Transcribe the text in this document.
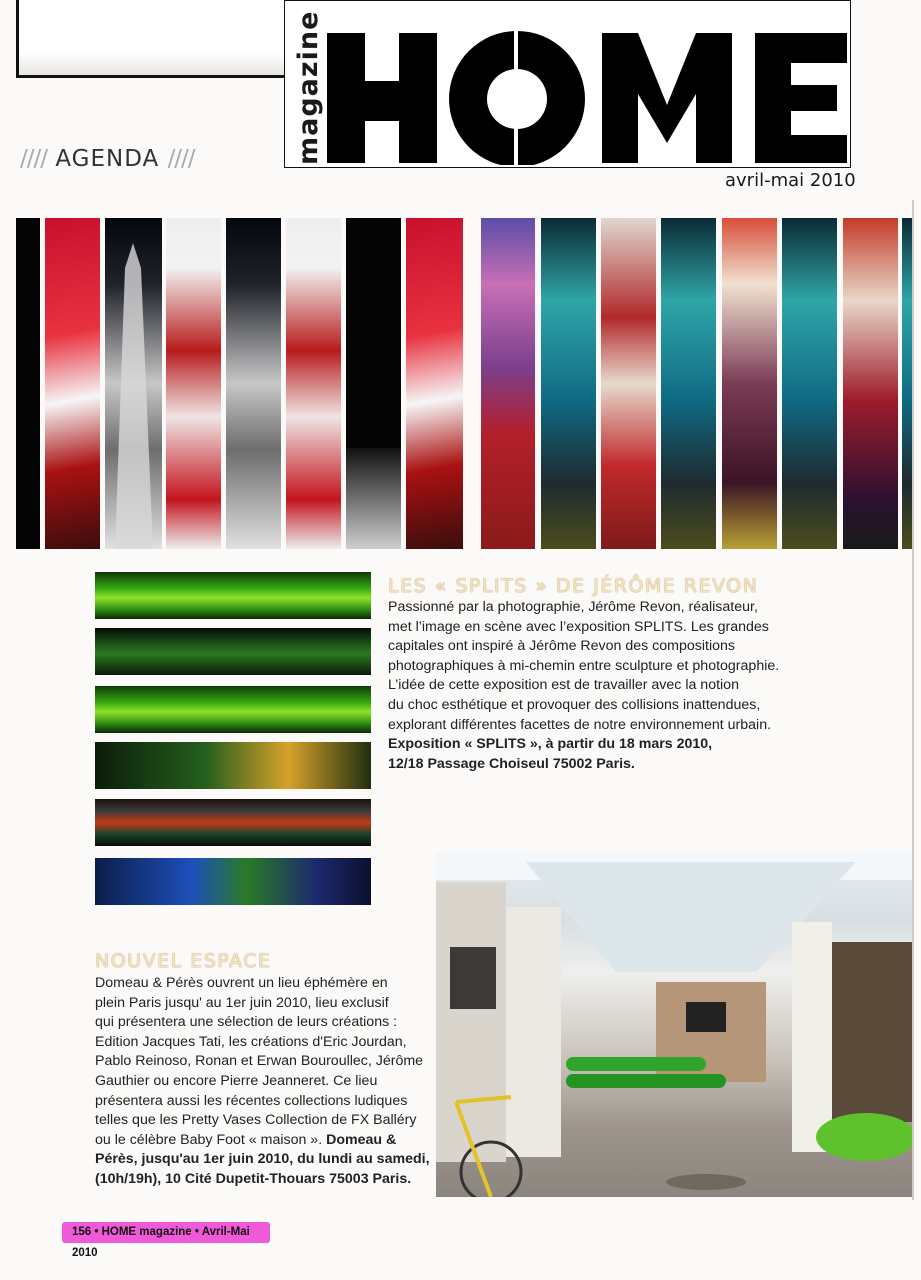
//// AGENDA ////	magazine
avril-mai 2010
LES « SPLITS » DE JÉRÔME REVON

Passionné par la photographie, Jérôme Revon, réalisateur,

met l’image en scène avec l’exposition SPLITS. Les grandes

capitales ont inspiré à Jérôme Revon des compositions

photographiques à mi-chemin entre sculpture et photographie.

L’idée de cette exposition est de travailler avec la notion

du choc esthétique et provoquer des collisions inattendues,

explorant différentes facettes de notre environnement urbain.

Exposition « SPLITS », à partir du 18 mars 2010,

12/18 Passage Choiseul 75002 Paris.

NOUVEL ESPACE

Domeau & Pérès ouvrent un lieu éphémère en

plein Paris jusqu' au 1er juin 2010, lieu exclusif

qui présentera une sélection de leurs créations :

Edition Jacques Tati, les créations d'Eric Jourdan,

Pablo Reinoso, Ronan et Erwan Bouroullec, Jérôme

Gauthier ou encore Pierre Jeanneret. Ce lieu

présentera aussi les récentes collections ludiques

telles que les Pretty Vases Collection de FX Balléry

ou le célèbre Baby Foot « maison ». Domeau &

Pérès, jusqu'au 1er juin 2010, du lundi au samedi,

(10h/19h), 10 Cité Dupetit-Thouars 75003 Paris.

156 • HOME magazine • Avril-Mai 2010
